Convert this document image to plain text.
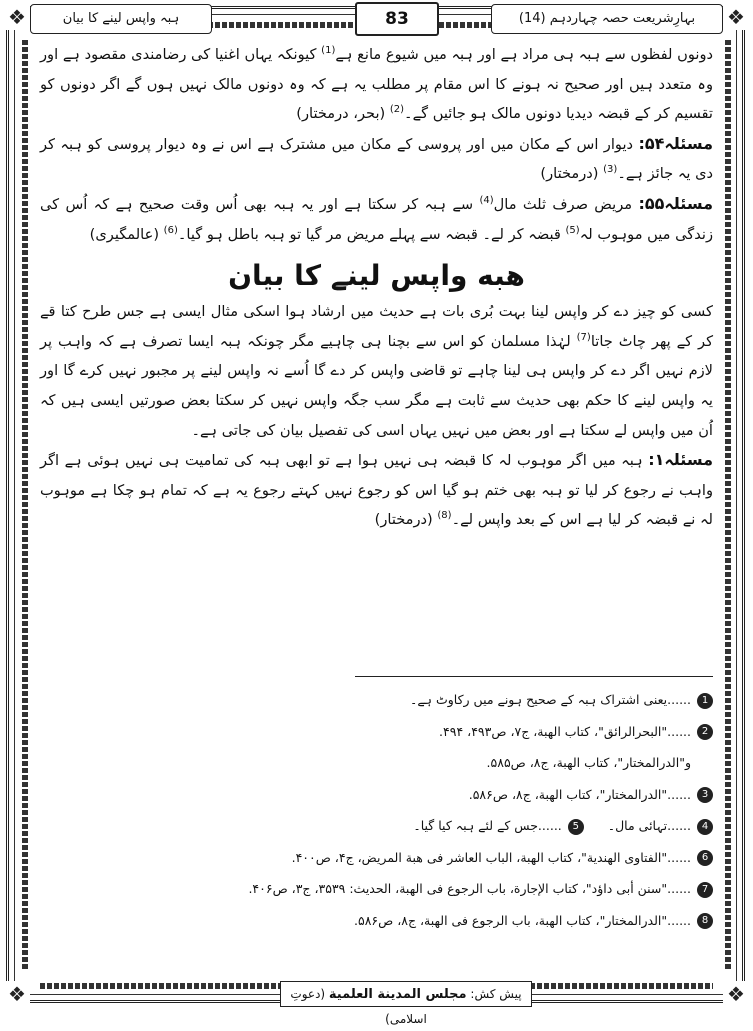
❖	❖
❖	❖
بہارِشریعت حصہ چہاردہم (14)
83
ہبہ واپس لینے کا بیان

دونوں لفظوں سے ہبہ ہی مراد ہے اور ہبہ میں شیوع مانع ہے$^{(1)}$ کیونکہ یہاں اغنیا کی رضامندی مقصود ہے اور وہ متعدد ہیں اور صحیح نہ ہونے کا اس مقام پر مطلب یہ ہے کہ وہ دونوں مالک نہیں ہوں گے اگر دونوں کو تقسیم کر کے قبضہ دیدیا دونوں مالک ہو جائیں گے۔$^{(2)}$ (بحر، درمختار)

مسئلہ۵۴: دیوار اس کے مکان میں اور پروسی کے مکان میں مشترک ہے اس نے وہ دیوار پروسی کو ہبہ کر دی یہ جائز ہے۔$^{(3)}$ (درمختار)

مسئلہ۵۵: مریض صرف ثلث مال$^{(4)}$ سے ہبہ کر سکتا ہے اور یہ ہبہ بھی اُس وقت صحیح ہے کہ اُس کی زندگی میں موہوب لہ$^{(5)}$ قبضہ کر لے۔ قبضہ سے پہلے مریض مر گیا تو ہبہ باطل ہو گیا۔$^{(6)}$ (عالمگیری)

هبه واپس لینے کا بیان

کسی کو چیز دے کر واپس لینا بہت بُری بات ہے حدیث میں ارشاد ہوا اسکی مثال ایسی ہے جس طرح کتا قے کر کے پھر چاٹ جاتا$^{(7)}$ لہٰذا مسلمان کو اس سے بچنا ہی چاہیے مگر چونکہ ہبہ ایسا تصرف ہے کہ واہب پر لازم نہیں اگر دے کر واپس ہی لینا چاہے تو قاضی واپس کر دے گا اُسے نہ واپس لینے پر مجبور نہیں کرے گا اور یہ واپس لینے کا حکم بھی حدیث سے ثابت ہے مگر سب جگہ واپس نہیں کر سکتا بعض صورتیں ایسی ہیں کہ اُن میں واپس لے سکتا ہے اور بعض میں نہیں یہاں اسی کی تفصیل بیان کی جاتی ہے۔

مسئلہ۱: ہبہ میں اگر موہوب لہ کا قبضہ ہی نہیں ہوا ہے تو ابھی ہبہ کی تمامیت ہی نہیں ہوئی ہے اگر واہب نے رجوع کر لیا تو ہبہ بھی ختم ہو گیا اس کو رجوع نہیں کہتے رجوع یہ ہے کہ تمام ہو چکا ہے موہوب لہ نے قبضہ کر لیا ہے اس کے بعد واپس لے۔$^{(8)}$ (درمختار)

1......یعنی اشتراک ہبہ کے صحیح ہونے میں رکاوٹ ہے۔
2......"البحرالرائق"، کتاب الهبة، ج۷، ص۴۹۳، ۴۹۴.
و"الدرالمختار"، کتاب الهبة، ج۸، ص۵۸۵.
3......"الدرالمختار"، کتاب الهبة، ج۸، ص۵۸۶.
4......تہائی مال۔5......جس کے لئے ہبہ کیا گیا۔
6......"الفتاوی الهندية"، کتاب الهبة، الباب العاشر فی هبة المريض، ج۴، ص۴۰۰.
7......"سنن أبی داؤد"، کتاب الإجارة، باب الرجوع فی الهبة، الحديث: ۳۵۳۹، ج۳، ص۴۰۶.
8......"الدرالمختار"، کتاب الهبة، باب الرجوع فی الهبة، ج۸، ص۵۸۶.
پیش کش: مجلس المدينة العلمية (دعوتِ اسلامی)
